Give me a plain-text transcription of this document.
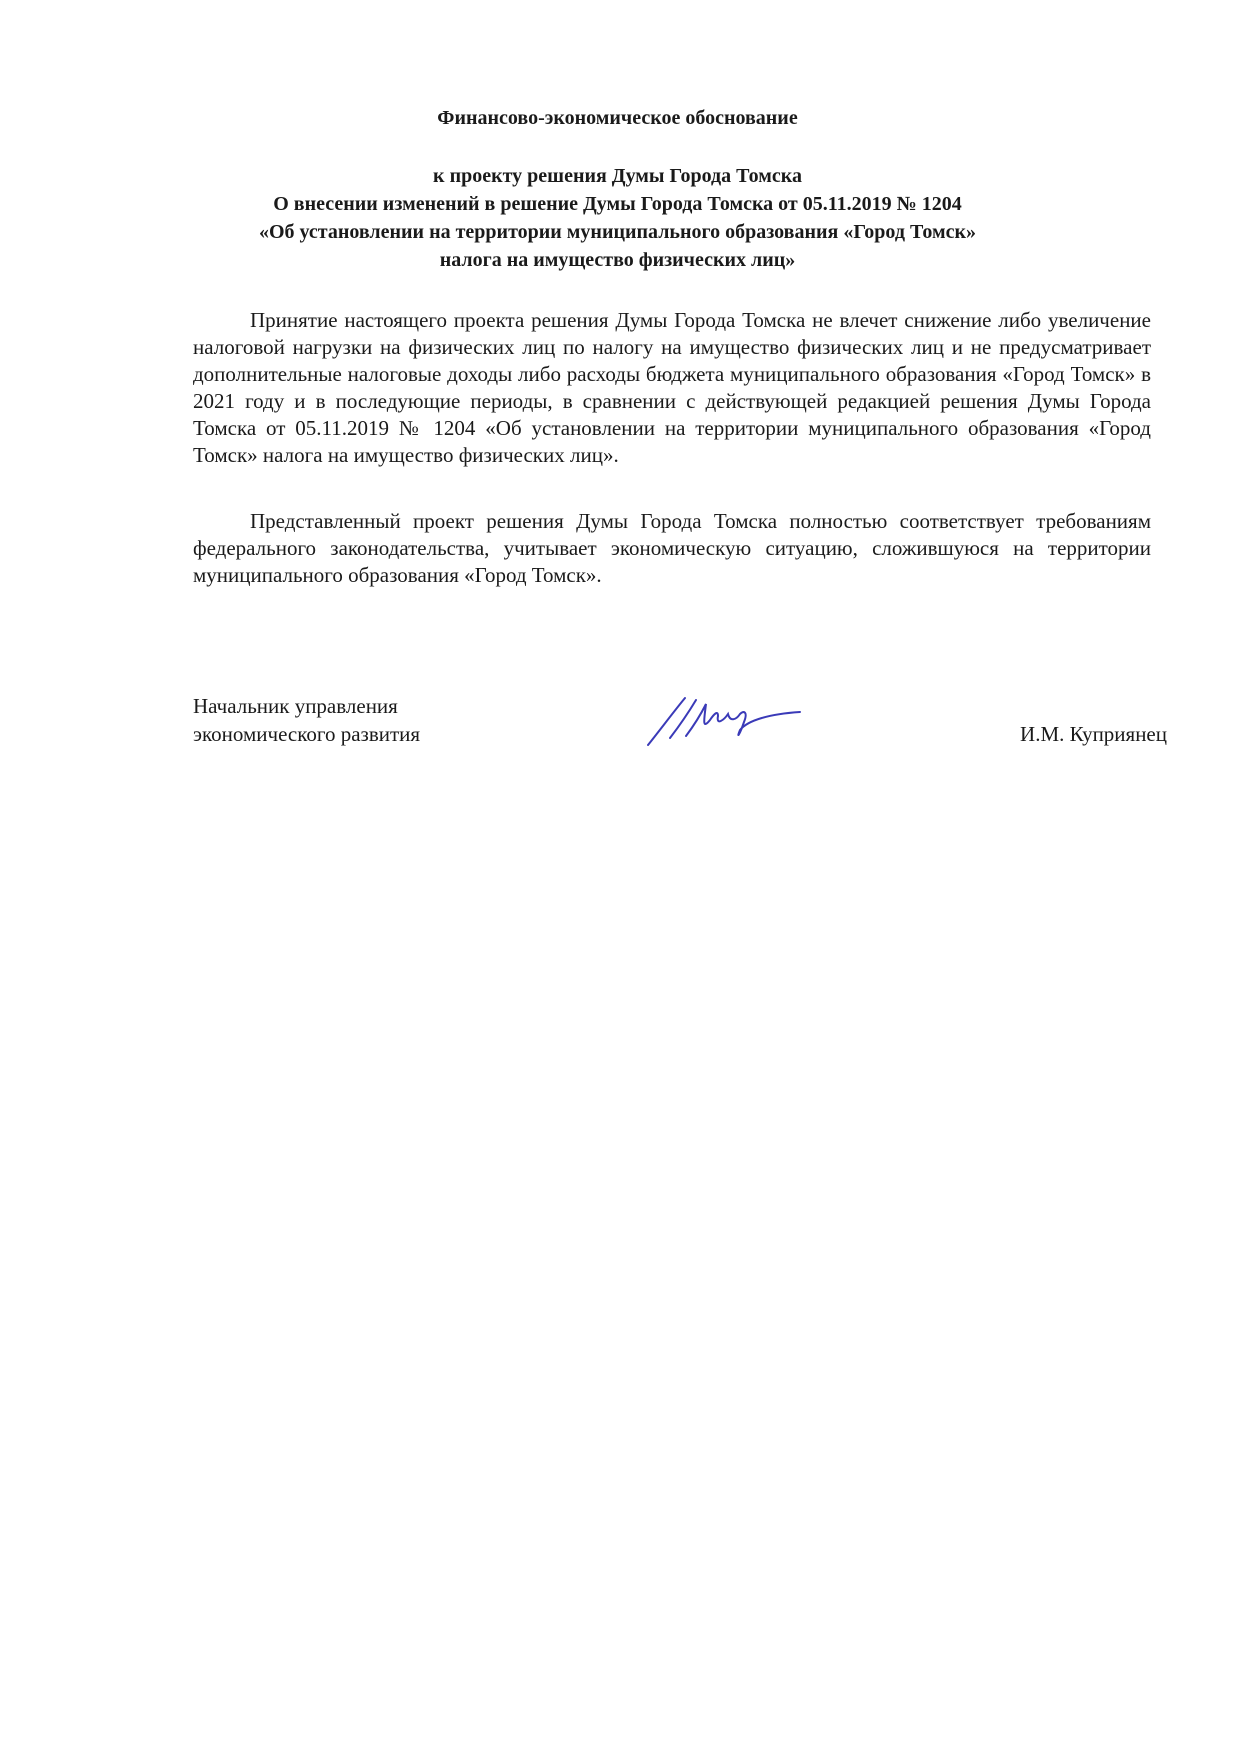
Финансово-экономическое обоснование
к проекту решения Думы Города Томска
О внесении изменений в решение Думы Города Томска от 05.11.2019 № 1204
«Об установлении на территории муниципального образования «Город Томск»
налога на имущество физических лиц»

Принятие настоящего проекта решения Думы Города Томска не влечет снижение либо увеличение налоговой нагрузки на физических лиц по налогу на имущество физических лиц и не предусматривает дополнительные налоговые доходы либо расходы бюджета муниципального образования «Город Томск» в 2021 году и в последующие периоды, в сравнении с действующей редакцией решения Думы Города Томска от 05.11.2019 № 1204 «Об установлении на территории муниципального образования «Город Томск» налога на имущество физических лиц».

Представленный проект решения Думы Города Томска полностью соответствует требованиям федерального законодательства, учитывает экономическую ситуацию, сложившуюся на территории муниципального образования «Город Томск».

Начальник управления
экономического развития	И.М. Куприянец
